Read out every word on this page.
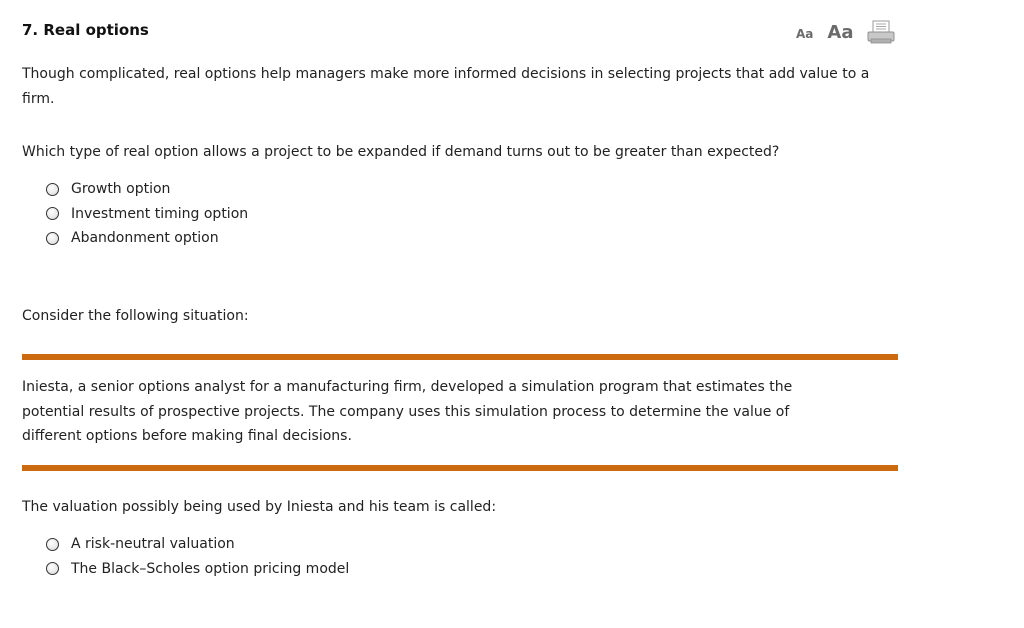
7. Real options	Aa Aa

Though complicated, real options help managers make more informed decisions in selecting projects that add value to a firm.

Which type of real option allows a project to be expanded if demand turns out to be greater than expected?

Growth option
Investment timing option
Abandonment option

Consider the following situation:

Iniesta, a senior options analyst for a manufacturing firm, developed a simulation program that estimates the potential results of prospective projects. The company uses this simulation process to determine the value of different options before making final decisions.

The valuation possibly being used by Iniesta and his team is called:

A risk-neutral valuation
The Black–Scholes option pricing model
